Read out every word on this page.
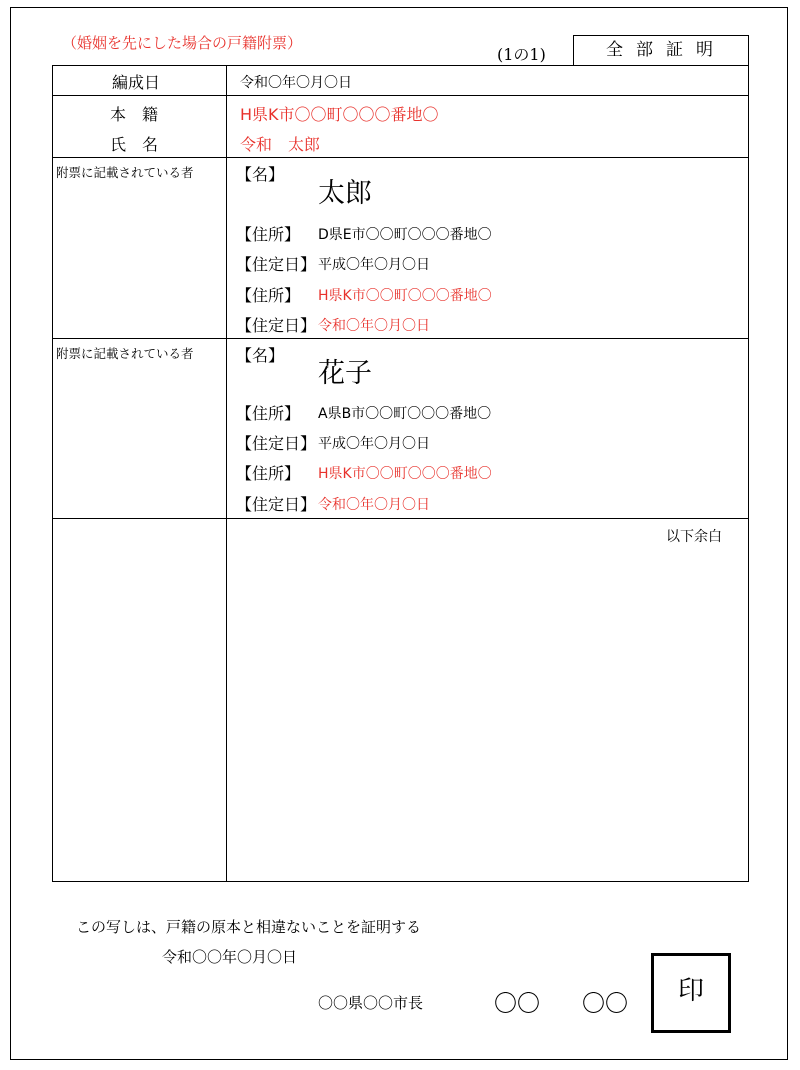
（婚姻を先にした場合の戸籍附票）
(1の1)	全部証明
編成日	令和〇年〇月〇日
本　籍	H県K市〇〇町〇〇〇番地〇
氏　名	令和　太郎
附票に記載されている者	【名】
太郎
【住所】 D県E市〇〇町〇〇〇番地〇
【住定日】 平成〇年〇月〇日
【住所】 H県K市〇〇町〇〇〇番地〇
【住定日】 令和〇年〇月〇日
附票に記載されている者	【名】
花子
【住所】 A県B市〇〇町〇〇〇番地〇
【住定日】 平成〇年〇月〇日
【住所】 H県K市〇〇町〇〇〇番地〇
【住定日】 令和〇年〇月〇日
以下余白
この写しは、戸籍の原本と相違ないことを証明する
令和〇〇年〇月〇日
〇〇県〇〇市長	〇〇 〇〇	印
